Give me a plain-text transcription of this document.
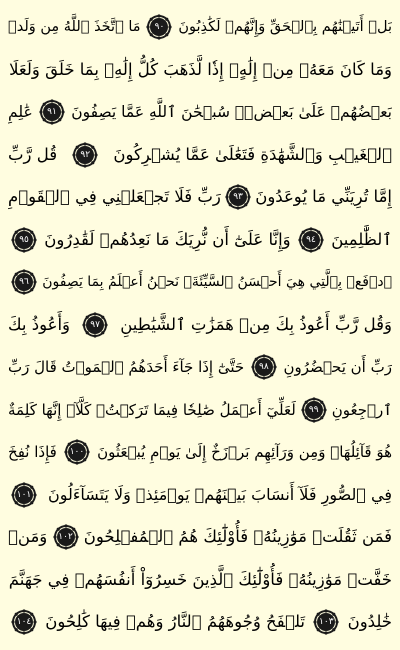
بَلۡ أَتَيۡنَٰهُم بِٱلۡحَقِّ وَإِنَّهُمۡ لَكَٰذِبُونَ
٩٠
مَا ٱتَّخَذَ ٱللَّهُ مِن وَلَدٖ
وَمَا كَانَ مَعَهُۥ مِنۡ إِلَٰهٍۚ إِذٗا لَّذَهَبَ كُلُّ إِلَٰهِۭ بِمَا خَلَقَ وَلَعَلَا
بَعۡضُهُمۡ عَلَىٰ بَعۡضٖۚ سُبۡحَٰنَ ٱللَّهِ عَمَّا يَصِفُونَ
٩١
عَٰلِمِ
ٱلۡغَيۡبِ وَٱلشَّهَٰدَةِ فَتَعَٰلَىٰ عَمَّا يُشۡرِكُونَ
٩٢
قُل رَّبِّ
إِمَّا تُرِيَنِّي مَا يُوعَدُونَ
٩٣
رَبِّ فَلَا تَجۡعَلۡنِي فِي ٱلۡقَوۡمِ
ٱلظَّٰلِمِينَ
٩٤
وَإِنَّا عَلَىٰٓ أَن نُّرِيَكَ مَا نَعِدُهُمۡ لَقَٰدِرُونَ
٩٥
ٱدۡفَعۡ بِٱلَّتِي هِيَ أَحۡسَنُ ٱلسَّيِّئَةَۚ نَحۡنُ أَعۡلَمُ بِمَا يَصِفُونَ
٩٦
وَقُل رَّبِّ أَعُوذُ بِكَ مِنۡ هَمَزَٰتِ ٱلشَّيَٰطِينِ
٩٧
وَأَعُوذُ بِكَ
رَبِّ أَن يَحۡضُرُونِ
٩٨
حَتَّىٰٓ إِذَا جَآءَ أَحَدَهُمُ ٱلۡمَوۡتُ قَالَ رَبِّ
ٱرۡجِعُونِ
٩٩
لَعَلِّيٓ أَعۡمَلُ صَٰلِحٗا فِيمَا تَرَكۡتُۚ كَلَّآۚ إِنَّهَا كَلِمَةٌ
هُوَ قَآئِلُهَاۖ وَمِن وَرَآئِهِم بَرۡزَخٌ إِلَىٰ يَوۡمِ يُبۡعَثُونَ
١٠٠
فَإِذَا نُفِخَ
فِي ٱلصُّورِ فَلَآ أَنسَابَ بَيۡنَهُمۡ يَوۡمَئِذٖ وَلَا يَتَسَآءَلُونَ
١٠١
فَمَن ثَقُلَتۡ مَوَٰزِينُهُۥ فَأُوْلَٰٓئِكَ هُمُ ٱلۡمُفۡلِحُونَ
١٠٢
وَمَنۡ
خَفَّتۡ مَوَٰزِينُهُۥ فَأُوْلَٰٓئِكَ ٱلَّذِينَ خَسِرُوٓاْ أَنفُسَهُمۡ فِي جَهَنَّمَ
خَٰلِدُونَ
١٠٣
تَلۡفَحُ وُجُوهَهُمُ ٱلنَّارُ وَهُمۡ فِيهَا كَٰلِحُونَ
١٠٤
